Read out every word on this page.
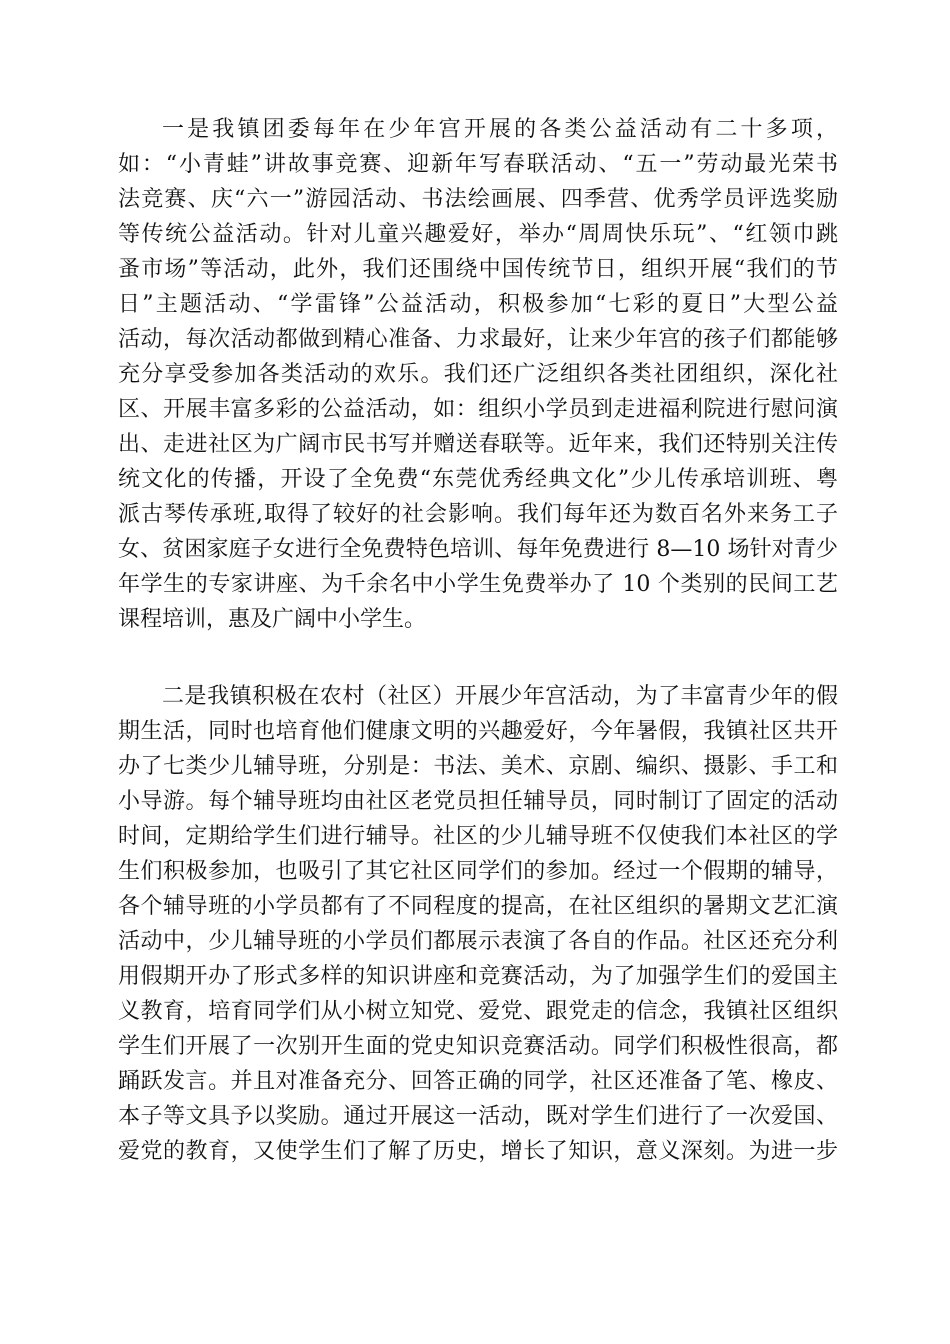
一是我镇团委每年在少年宫开展的各类公益活动有二十多项，
如：“小青蛙”讲故事竞赛、迎新年写春联活动、“五一”劳动最光荣书
法竞赛、庆“六一”游园活动、书法绘画展、四季营、优秀学员评选奖励
等传统公益活动。针对儿童兴趣爱好，举办“周周快乐玩”、“红领巾跳
蚤市场”等活动，此外，我们还围绕中国传统节日，组织开展“我们的节
日”主题活动、“学雷锋”公益活动，积极参加“七彩的夏日”大型公益
活动，每次活动都做到精心准备、力求最好，让来少年宫的孩子们都能够
充分享受参加各类活动的欢乐。我们还广泛组织各类社团组织，深化社
区、开展丰富多彩的公益活动，如：组织小学员到走进福利院进行慰问演
出、走进社区为广阔市民书写并赠送春联等。近年来，我们还特别关注传
统文化的传播，开设了全免费“东莞优秀经典文化”少儿传承培训班、粤
派古琴传承班,取得了较好的社会影响。我们每年还为数百名外来务工子
女、贫困家庭子女进行全免费特色培训、每年免费进行 8—10 场针对青少
年学生的专家讲座、为千余名中小学生免费举办了 10 个类别的民间工艺
课程培训，惠及广阔中小学生。
二是我镇积极在农村（社区）开展少年宫活动，为了丰富青少年的假
期生活，同时也培育他们健康文明的兴趣爱好，今年暑假，我镇社区共开
办了七类少儿辅导班，分别是：书法、美术、京剧、编织、摄影、手工和
小导游。每个辅导班均由社区老党员担任辅导员，同时制订了固定的活动
时间，定期给学生们进行辅导。社区的少儿辅导班不仅使我们本社区的学
生们积极参加，也吸引了其它社区同学们的参加。经过一个假期的辅导，
各个辅导班的小学员都有了不同程度的提高，在社区组织的暑期文艺汇演
活动中，少儿辅导班的小学员们都展示表演了各自的作品。社区还充分利
用假期开办了形式多样的知识讲座和竞赛活动，为了加强学生们的爱国主
义教育，培育同学们从小树立知党、爱党、跟党走的信念，我镇社区组织
学生们开展了一次别开生面的党史知识竞赛活动。同学们积极性很高，都
踊跃发言。并且对准备充分、回答正确的同学，社区还准备了笔、橡皮、
本子等文具予以奖励。通过开展这一活动，既对学生们进行了一次爱国、
爱党的教育，又使学生们了解了历史，增长了知识，意义深刻。为进一步
